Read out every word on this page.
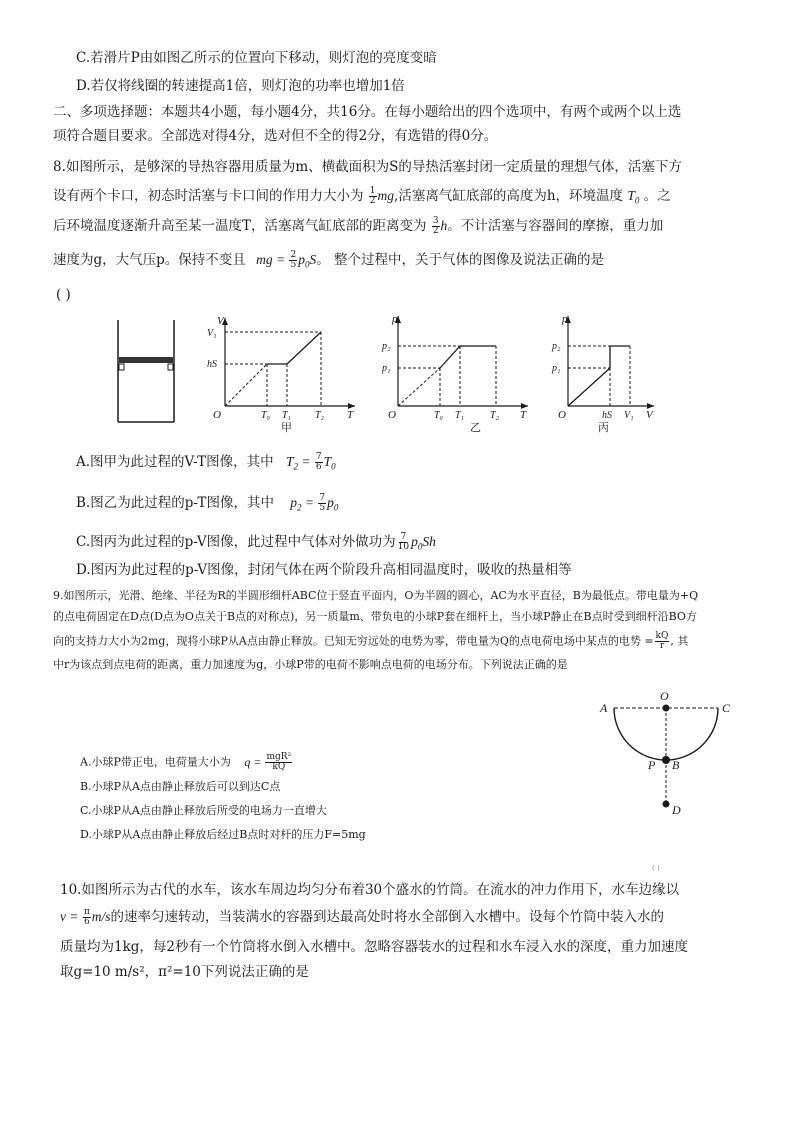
C.若滑片P由如图乙所示的位置向下移动，则灯泡的亮度变暗
D.若仅将线圈的转速提高1倍，则灯泡的功率也增加1倍
二、多项选择题：本题共4小题，每小题4分，共16分。在每小题给出的四个选项中，有两个或两个以上选
项符合题目要求。全部选对得4分，选对但不全的得2分，有选错的得0分。
8.如图所示，是够深的导热容器用质量为m、横截面积为S的导热活塞封闭一定质量的理想气体，活塞下方
设有两个卡口，初态时活塞与卡口间的作用力大小为 $\frac{1}{2}$ mg,活塞离气缸底部的高度为h，环境温度 $T_0$ 。之
后环境温度逐渐升高至某一温度T，活塞离气缸底部的距离变为 $\frac{3}{2}$ h。不计活塞与容器间的摩擦，重力加
速度为g，大气压p。保持不变且 mg = $\frac{2}{5} p_0S$。 整个过程中，关于气体的图像及说法正确的是
( )
V
V₁
hS
O	T₀ T₁ T₂ T
甲
p
p₂
p₁
O	T₀ T₁	T₂ T
乙
p
p₂
p₁
O	hS V₁ V
丙
A.图甲为此过程的V-T图像，其中 $T_2 = \frac{7}{6} T_0$
B.图乙为此过程的p-T图像，其中 $p_2 = \frac{7}{5} p_0$
C.图丙为此过程的p-V图像，此过程中气体对外做功为 $\frac{7}{10} p_0Sh$
D.图丙为此过程的p-V图像，封闭气体在两个阶段升高相同温度时，吸收的热量相等
9.如图所示，光滑、绝缘、半径为R的半圆形细杆ABC位于竖直平面内，O为半圆的圆心，AC为水平直径，B为最低点。带电量为+Q
的点电荷固定在D点(D点为O点关于B点的对称点)，另一质量m、带负电的小球P套在细杆上，当小球P静止在B点时受到细杆沿BO方
向的支持力大小为2mg，现将小球P从A点由静止释放。已知无穷远处的电势为零，带电量为Q的点电荷电场中某点的电势 = $\frac{kQ}{r}$ , 其
中r为该点到点电荷的距离，重力加速度为g，小球P带的电荷不影响点电荷的电场分布。下列说法正确的是
A
O
C
P B
D
A.小球P带正电，电荷量大小为 $q = \frac{\text{mgR²}}{kQ}$
B.小球P从A点由静止释放后可以到达C点
C.小球P从A点由静止释放后所受的电场力一直增大
D.小球P从A点由静止释放后经过B点时对杆的压力F=5mg
( )
10.如图所示为古代的水车，该水车周边均匀分布着30个盛水的竹筒。在流水的冲力作用下，水车边缘以
$v = \frac{\pi}{6} m/s$的速率匀速转动，当装满水的容器到达最高处时将水全部倒入水槽中。设每个竹筒中装入水的
质量均为1kg，每2秒有一个竹筒将水倒入水槽中。忽略容器装水的过程和水车浸入水的深度，重力加速度
取g=10 m/s²，π²=10下列说法正确的是
